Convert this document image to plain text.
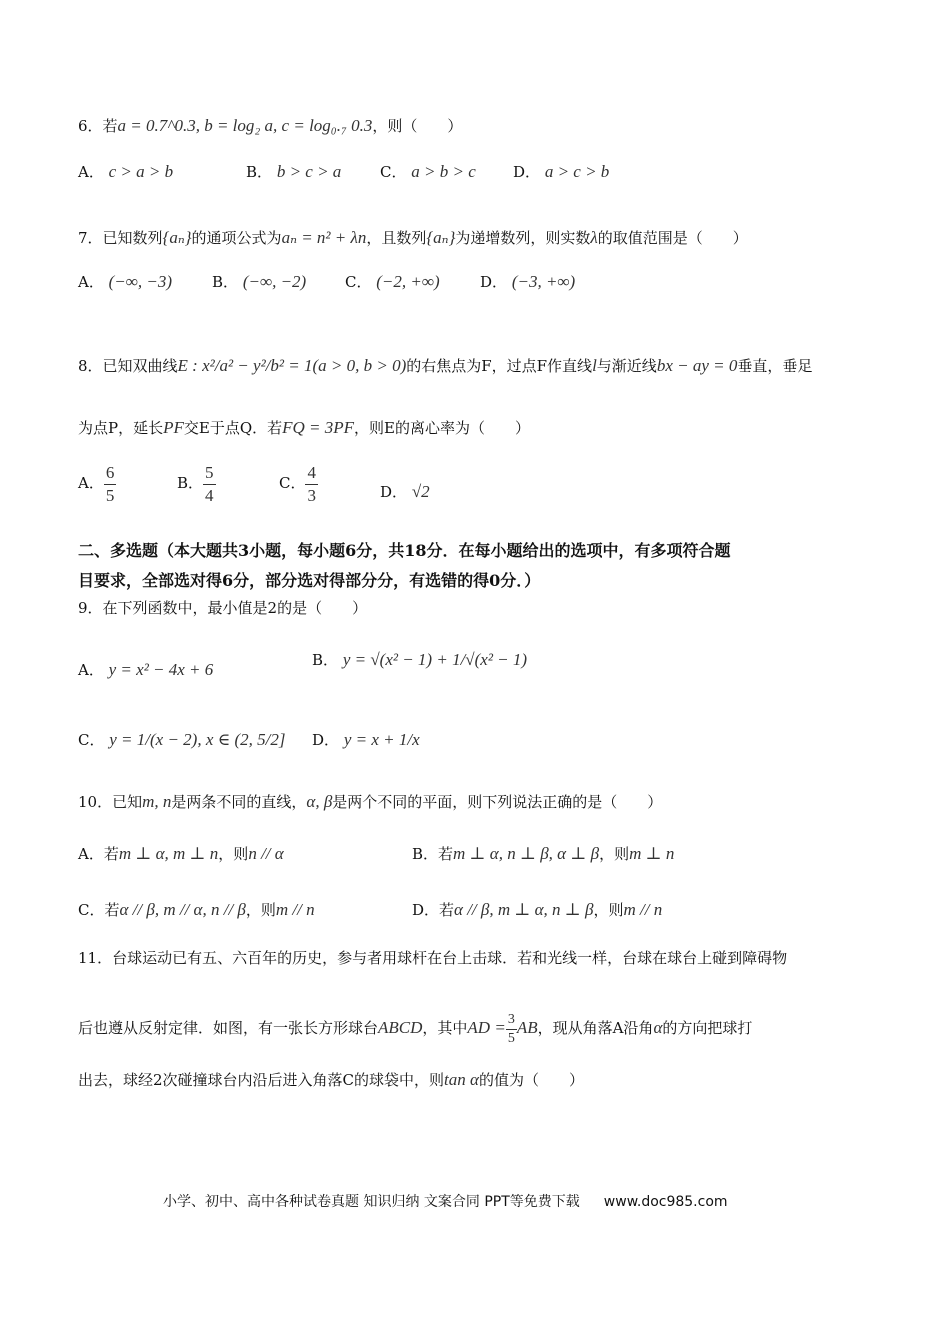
6．若a = 0.7^0.3, b = log₂ a, c = log₀.₇ 0.3，则（　　）
A． c > a > b	B． b > c > a	C． a > b > c D． a > c > b
7．已知数列{aₙ}的通项公式为aₙ = n² + λn，且数列{aₙ}为递增数列，则实数λ的取值范围是（　　）
A． (−∞, −3)	B． (−∞, −2)	C． (−2, +∞)	D． (−3, +∞)
8．已知双曲线E : x²/a² − y²/b² = 1(a > 0, b > 0)的右焦点为F，过点F作直线l与渐近线bx − ay = 0垂直，垂足
为点P，延长PF交E于点Q．若FQ = 3PF，则E的离心率为（　　）
A． $\frac{6}{5}$	B． $\frac{5}{4}$	C． $\frac{4}{3}$	D． √2
二、多选题（本大题共3小题，每小题6分，共18分．在每小题给出的选项中，有多项符合题
目要求，全部选对得6分，部分选对得部分分，有选错的得0分．）
9．在下列函数中，最小值是2的是（　　）
A． y = x² − 4x + 6	B． y = √(x² − 1) + 1/√(x² − 1)
C． y = 1/(x − 2), x ∈ (2, 5/2] D． y = x + 1/x
10．已知m, n是两条不同的直线，α, β是两个不同的平面，则下列说法正确的是（　　）
A．若m ⊥ α, m ⊥ n，则n // α	B．若m ⊥ α, n ⊥ β, α ⊥ β，则m ⊥ n
C．若α // β, m // α, n // β，则m // n	D．若α // β, m ⊥ α, n ⊥ β，则m // n
11．台球运动已有五、六百年的历史，参与者用球杆在台上击球．若和光线一样，台球在球台上碰到障碍物
后也遵从反射定律．如图，有一张长方形球台ABCD，其中AD = $\frac{3}{5}$ AB，现从角落A沿角α的方向把球打
出去，球经2次碰撞球台内沿后进入角落C的球袋中，则tan α的值为（　　）
小学、初中、高中各种试卷真题 知识归纳 文案合同 PPT等免费下载 www.doc985.com
